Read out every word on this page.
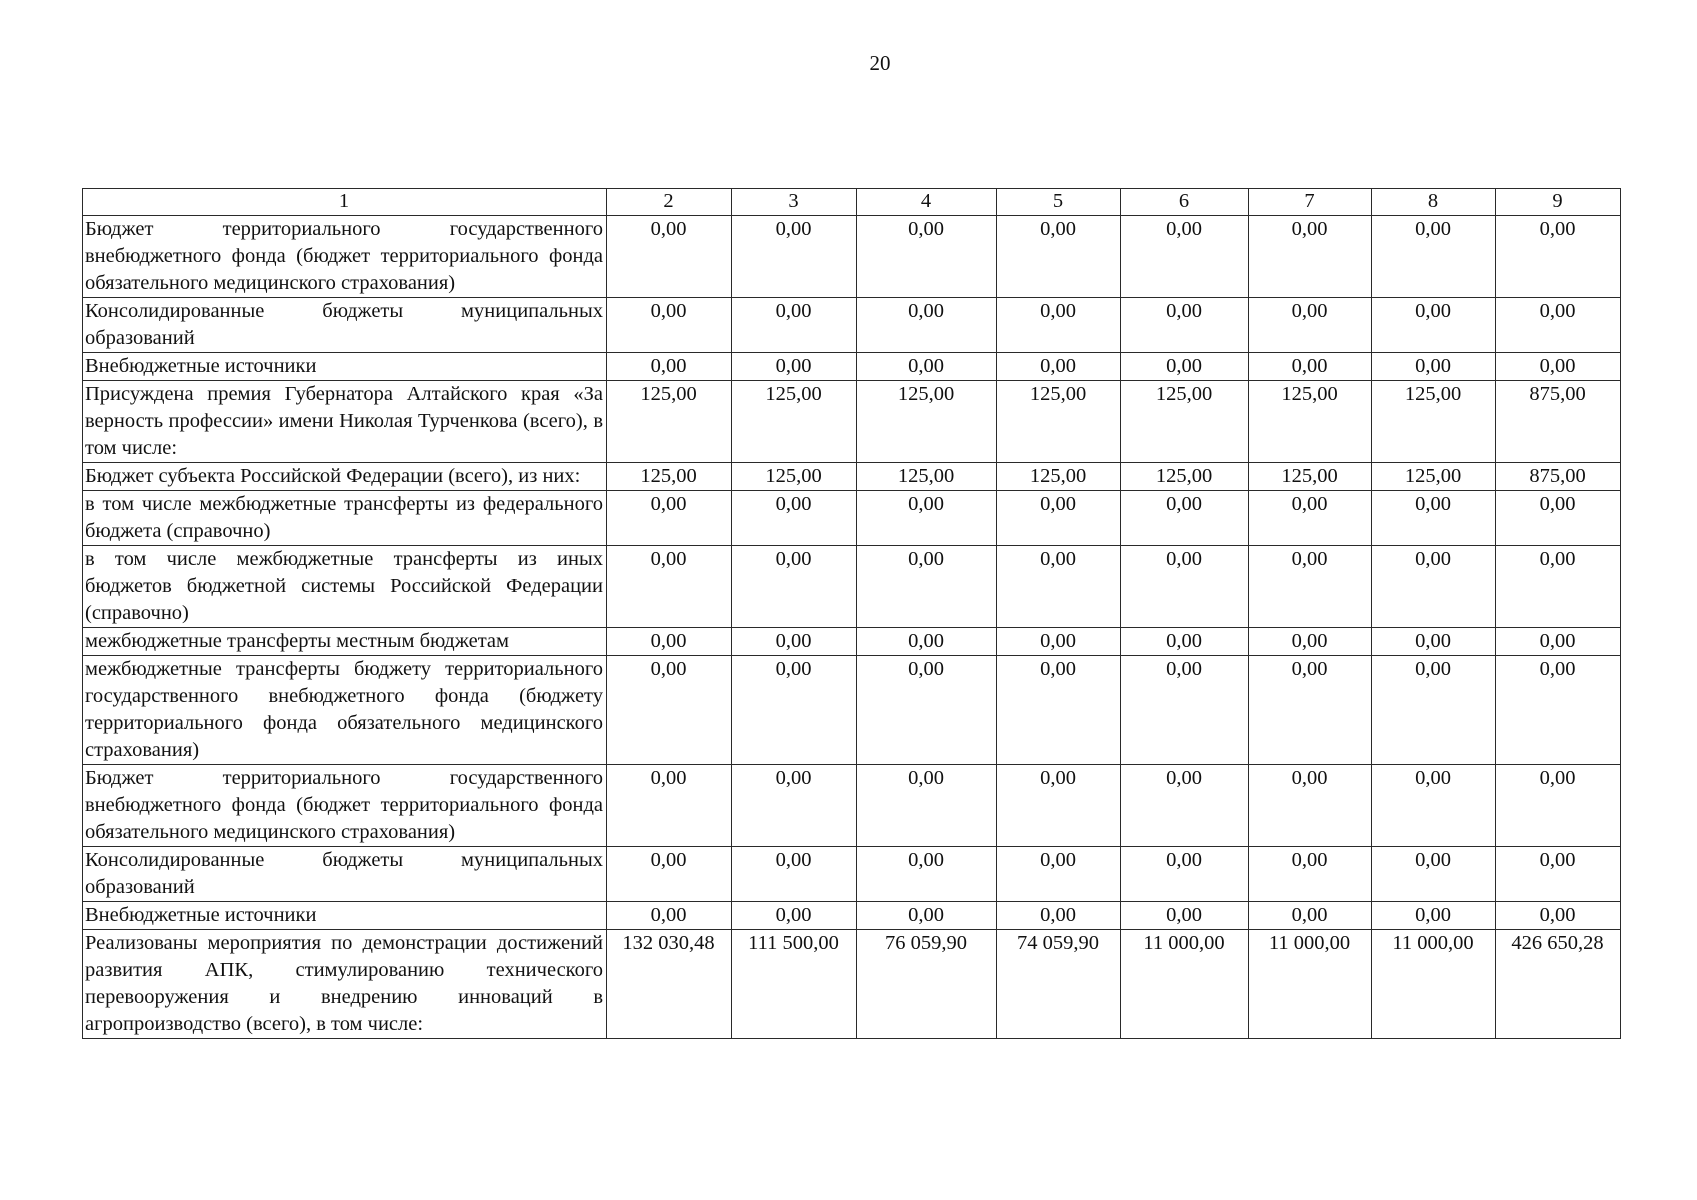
20
1	2	3	4	5	6	7	8	9
Бюджет территориального государственного внебюджетного фонда (бюджет территориального фонда обязательного медицинского страхования)	0,00	0,00	0,00	0,00	0,00	0,00	0,00	0,00
Консолидированные бюджеты муниципальных образований	0,00	0,00	0,00	0,00	0,00	0,00	0,00	0,00
Внебюджетные источники	0,00	0,00	0,00	0,00	0,00	0,00	0,00	0,00
Присуждена премия Губернатора Алтайского края «За верность профессии» имени Николая Турченкова (всего), в том числе:	125,00	125,00	125,00	125,00	125,00	125,00	125,00	875,00
Бюджет субъекта Российской Федерации (всего), из них:	125,00	125,00	125,00	125,00	125,00	125,00	125,00	875,00
в том числе межбюджетные трансферты из федерального бюджета (справочно)	0,00	0,00	0,00	0,00	0,00	0,00	0,00	0,00
в том числе межбюджетные трансферты из иных бюджетов бюджетной системы Российской Федерации (справочно)	0,00	0,00	0,00	0,00	0,00	0,00	0,00	0,00
межбюджетные трансферты местным бюджетам	0,00	0,00	0,00	0,00	0,00	0,00	0,00	0,00
межбюджетные трансферты бюджету территориального государственного внебюджетного фонда (бюджету территориального фонда обязательного медицинского страхования)	0,00	0,00	0,00	0,00	0,00	0,00	0,00	0,00
Бюджет территориального государственного внебюджетного фонда (бюджет территориального фонда обязательного медицинского страхования)	0,00	0,00	0,00	0,00	0,00	0,00	0,00	0,00
Консолидированные бюджеты муниципальных образований	0,00	0,00	0,00	0,00	0,00	0,00	0,00	0,00
Внебюджетные источники	0,00	0,00	0,00	0,00	0,00	0,00	0,00	0,00
Реализованы мероприятия по демонстрации достижений развития АПК, стимулированию технического перевооружения и внедрению инноваций в агропроизводство (всего), в том числе:	132 030,48	111 500,00	76 059,90	74 059,90	11 000,00	11 000,00	11 000,00	426 650,28
